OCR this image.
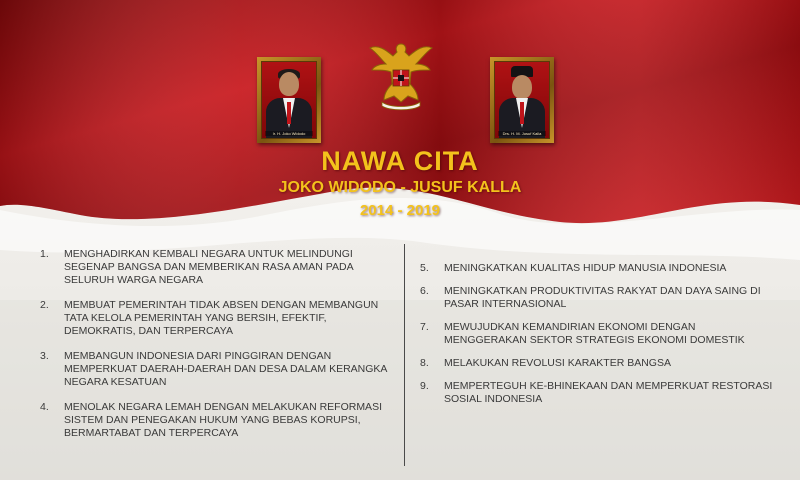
Ir. H. Joko Widodo	Drs. H. M. Jusuf Kalla
NAWA CITA
JOKO WIDODO - JUSUF KALLA
2014 - 2019
1.	MENGHADIRKAN KEMBALI NEGARA UNTUK MELINDUNGI SEGENAP BANGSA DAN MEMBERIKAN RASA AMAN PADA SELURUH WARGA NEGARA
2.	MEMBUAT PEMERINTAH TIDAK ABSEN DENGAN MEMBANGUN TATA KELOLA PEMERINTAH YANG BERSIH, EFEKTIF, DEMOKRATIS, DAN TERPERCAYA
3.	MEMBANGUN INDONESIA DARI PINGGIRAN DENGAN MEMPERKUAT DAERAH-DAERAH DAN DESA DALAM KERANGKA NEGARA KESATUAN
4.	MENOLAK NEGARA LEMAH DENGAN MELAKUKAN REFORMASI SISTEM DAN PENEGAKAN HUKUM YANG BEBAS KORUPSI, BERMARTABAT DAN TERPERCAYA
5.	MENINGKATKAN KUALITAS HIDUP MANUSIA INDONESIA
6.	MENINGKATKAN PRODUKTIVITAS RAKYAT DAN DAYA SAING DI PASAR INTERNASIONAL
7.	MEWUJUDKAN KEMANDIRIAN EKONOMI DENGAN MENGGERAKAN SEKTOR STRATEGIS EKONOMI DOMESTIK
8.	MELAKUKAN REVOLUSI KARAKTER BANGSA
9.	MEMPERTEGUH KE-BHINEKAAN DAN MEMPERKUAT RESTORASI SOSIAL INDONESIA
